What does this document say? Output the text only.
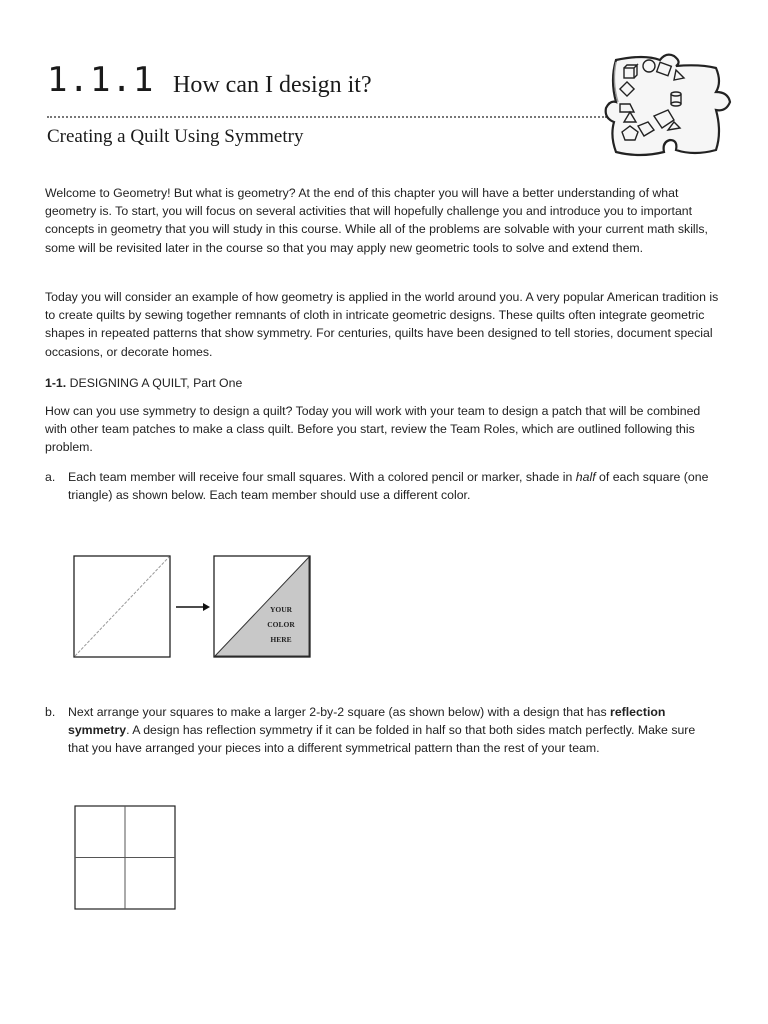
1.1.1 How can I design it?
Creating a Quilt Using Symmetry

Welcome to Geometry! But what is geometry? At the end of this chapter you will have a better understanding of what geometry is. To start, you will focus on several activities that will hopefully challenge you and introduce you to important concepts in geometry that you will study in this course. While all of the problems are solvable with your current math skills, some will be revisited later in the course so that you may apply new geometric tools to solve and extend them.

Today you will consider an example of how geometry is applied in the world around you. A very popular American tradition is to create quilts by sewing together remnants of cloth in intricate geometric designs. These quilts often integrate geometric shapes in repeated patterns that show symmetry. For centuries, quilts have been designed to tell stories, document special occasions, or decorate homes.

1-1. DESIGNING A QUILT, Part One

How can you use symmetry to design a quilt? Today you will work with your team to design a patch that will be combined with other team patches to make a class quilt. Before you start, review the Team Roles, which are outlined following this problem.

a. Each team member will receive four small squares. With a colored pencil or marker, shade in half of each square (one triangle) as shown below. Each team member should use a different color.
YOUR
COLOR
HERE
b. Next arrange your squares to make a larger 2-by-2 square (as shown below) with a design that has reflection symmetry. A design has reflection symmetry if it can be folded in half so that both sides match perfectly. Make sure that you have arranged your pieces into a different symmetrical pattern than the rest of your team.
